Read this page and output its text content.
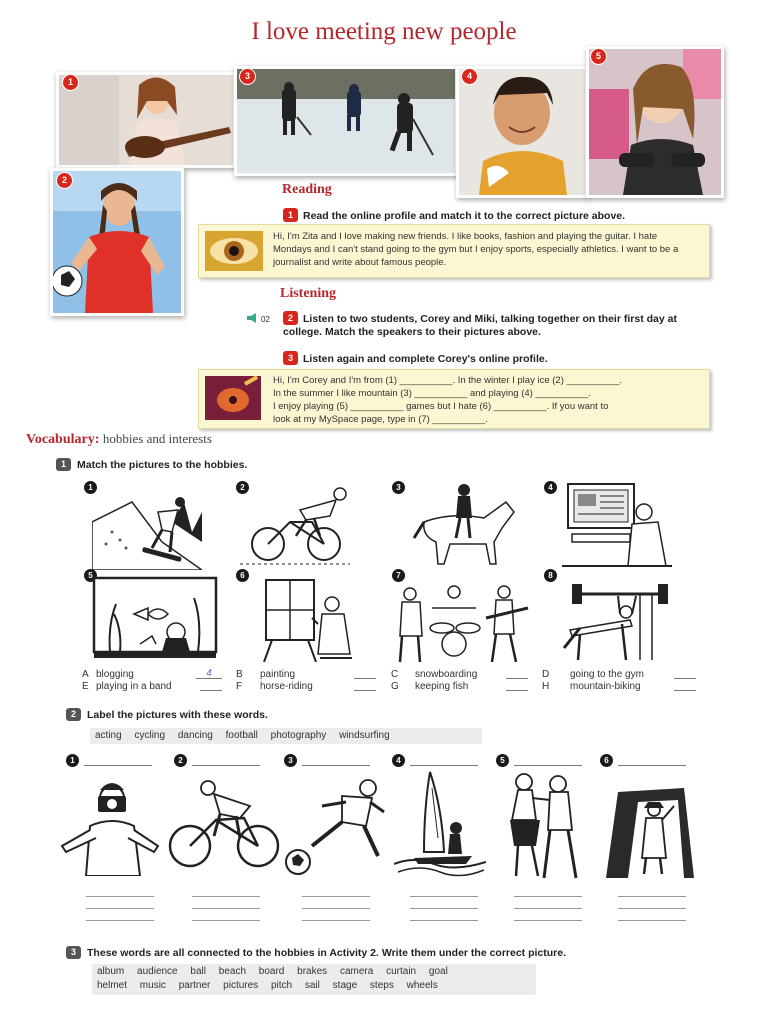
I love meeting new people
1
3	4
5
2
Reading
1 Read the online profile and match it to the correct picture above.
Hi, I'm Zita and I love making new friends. I like books, fashion and playing the guitar. I hate Mondays and I can't stand going to the gym but I enjoy sports, especially athletics. I want to be a journalist and write about famous people.
Listening
02	2 Listen to two students, Corey and Miki, talking together on their first day at college. Match the speakers to their pictures above.
3 Listen again and complete Corey's online profile.
Hi, I'm Corey and I'm from (1) __________. In the winter I play ice (2) __________.
In the summer I like mountain (3) __________ and playing (4) __________.
I enjoy playing (5) __________ games but I hate (6) __________. If you want to
look at my MySpace page, type in (7) __________.
Vocabulary: hobbies and interests
1 Match the pictures to the hobbies.
1	2	3	4
5	6	7	8
A blogging	4	B painting	C snowboarding	D going to the gym
E playing in a band	F horse-riding	G keeping fish	H mountain-biking
2 Label the pictures with these words.
acting cycling dancing football photography windsurfing
1	2	3	4	5	6
3 These words are all connected to the hobbies in Activity 2. Write them under the correct picture.
album audience ball beach board brakes camera curtain goal
helmet music partner pictures pitch sail stage steps wheels
